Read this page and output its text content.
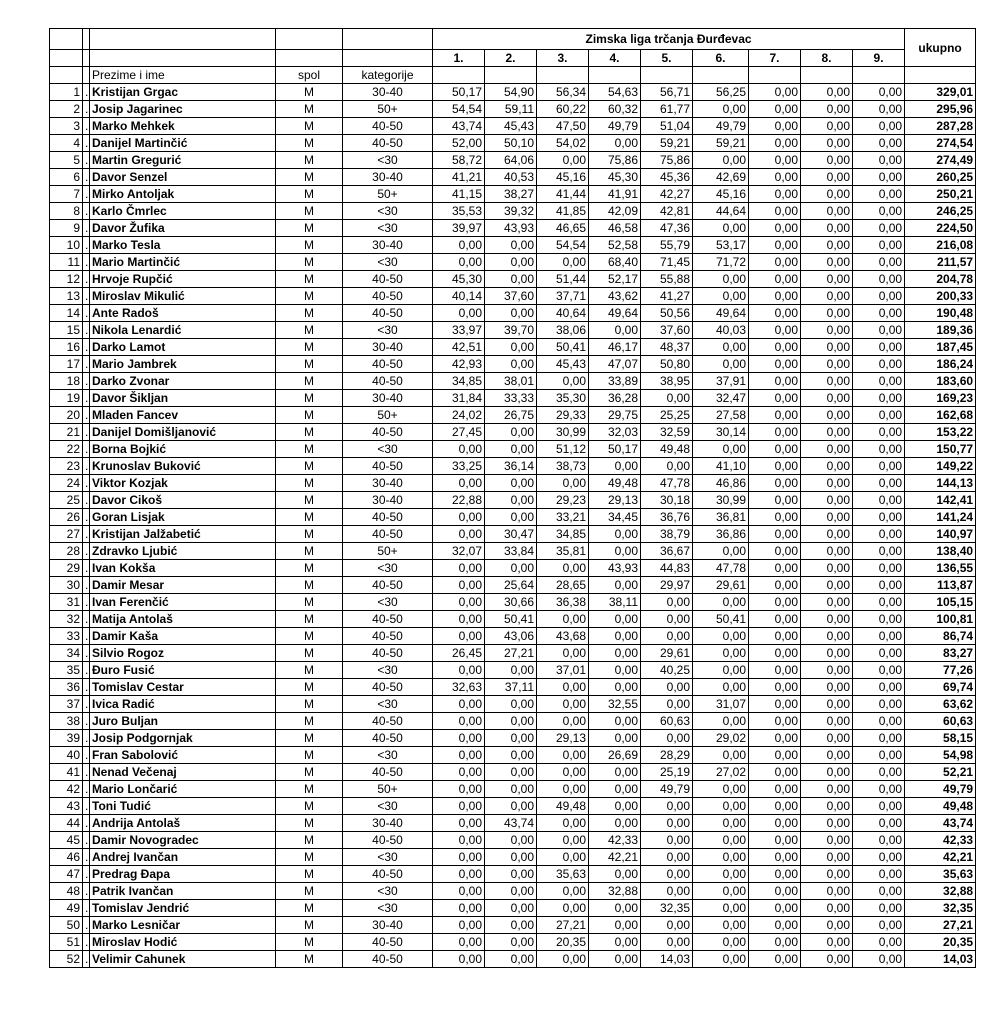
					Zimska liga trčanja Đurđevac									ukupno
					1.	2.	3.	4.	5.	6.	7.	8.	9.	
		Prezime i ime	spol	kategorije										
1	.	Kristijan Grgac	M	30-40	50,17	54,90	56,34	54,63	56,71	56,25	0,00	0,00	0,00	329,01
2	.	Josip Jagarinec	M	50+	54,54	59,11	60,22	60,32	61,77	0,00	0,00	0,00	0,00	295,96
3	.	Marko Mehkek	M	40-50	43,74	45,43	47,50	49,79	51,04	49,79	0,00	0,00	0,00	287,28
4	.	Danijel Martinčić	M	40-50	52,00	50,10	54,02	0,00	59,21	59,21	0,00	0,00	0,00	274,54
5	.	Martin Gregurić	M	<30	58,72	64,06	0,00	75,86	75,86	0,00	0,00	0,00	0,00	274,49
6	.	Davor Senzel	M	30-40	41,21	40,53	45,16	45,30	45,36	42,69	0,00	0,00	0,00	260,25
7	.	Mirko Antoljak	M	50+	41,15	38,27	41,44	41,91	42,27	45,16	0,00	0,00	0,00	250,21
8	.	Karlo Čmrlec	M	<30	35,53	39,32	41,85	42,09	42,81	44,64	0,00	0,00	0,00	246,25
9	.	Davor Žufika	M	<30	39,97	43,93	46,65	46,58	47,36	0,00	0,00	0,00	0,00	224,50
10	.	Marko Tesla	M	30-40	0,00	0,00	54,54	52,58	55,79	53,17	0,00	0,00	0,00	216,08
11	.	Mario Martinčić	M	<30	0,00	0,00	0,00	68,40	71,45	71,72	0,00	0,00	0,00	211,57
12	.	Hrvoje Rupčić	M	40-50	45,30	0,00	51,44	52,17	55,88	0,00	0,00	0,00	0,00	204,78
13	.	Miroslav Mikulić	M	40-50	40,14	37,60	37,71	43,62	41,27	0,00	0,00	0,00	0,00	200,33
14	.	Ante Radoš	M	40-50	0,00	0,00	40,64	49,64	50,56	49,64	0,00	0,00	0,00	190,48
15	.	Nikola Lenardić	M	<30	33,97	39,70	38,06	0,00	37,60	40,03	0,00	0,00	0,00	189,36
16	.	Darko Lamot	M	30-40	42,51	0,00	50,41	46,17	48,37	0,00	0,00	0,00	0,00	187,45
17	.	Mario Jambrek	M	40-50	42,93	0,00	45,43	47,07	50,80	0,00	0,00	0,00	0,00	186,24
18	.	Darko Zvonar	M	40-50	34,85	38,01	0,00	33,89	38,95	37,91	0,00	0,00	0,00	183,60
19	.	Davor Šikljan	M	30-40	31,84	33,33	35,30	36,28	0,00	32,47	0,00	0,00	0,00	169,23
20	.	Mladen Fancev	M	50+	24,02	26,75	29,33	29,75	25,25	27,58	0,00	0,00	0,00	162,68
21	.	Danijel Domišljanović	M	40-50	27,45	0,00	30,99	32,03	32,59	30,14	0,00	0,00	0,00	153,22
22	.	Borna Bojkić	M	<30	0,00	0,00	51,12	50,17	49,48	0,00	0,00	0,00	0,00	150,77
23	.	Krunoslav Buković	M	40-50	33,25	36,14	38,73	0,00	0,00	41,10	0,00	0,00	0,00	149,22
24	.	Viktor Kozjak	M	30-40	0,00	0,00	0,00	49,48	47,78	46,86	0,00	0,00	0,00	144,13
25	.	Davor Cikoš	M	30-40	22,88	0,00	29,23	29,13	30,18	30,99	0,00	0,00	0,00	142,41
26	.	Goran Lisjak	M	40-50	0,00	0,00	33,21	34,45	36,76	36,81	0,00	0,00	0,00	141,24
27	.	Kristijan Jalžabetić	M	40-50	0,00	30,47	34,85	0,00	38,79	36,86	0,00	0,00	0,00	140,97
28	.	Zdravko Ljubić	M	50+	32,07	33,84	35,81	0,00	36,67	0,00	0,00	0,00	0,00	138,40
29	.	Ivan Kokša	M	<30	0,00	0,00	0,00	43,93	44,83	47,78	0,00	0,00	0,00	136,55
30	.	Damir Mesar	M	40-50	0,00	25,64	28,65	0,00	29,97	29,61	0,00	0,00	0,00	113,87
31	.	Ivan Ferenčić	M	<30	0,00	30,66	36,38	38,11	0,00	0,00	0,00	0,00	0,00	105,15
32	.	Matija Antolaš	M	40-50	0,00	50,41	0,00	0,00	0,00	50,41	0,00	0,00	0,00	100,81
33	.	Damir Kaša	M	40-50	0,00	43,06	43,68	0,00	0,00	0,00	0,00	0,00	0,00	86,74
34	.	Silvio Rogoz	M	40-50	26,45	27,21	0,00	0,00	29,61	0,00	0,00	0,00	0,00	83,27
35	.	Đuro Fusić	M	<30	0,00	0,00	37,01	0,00	40,25	0,00	0,00	0,00	0,00	77,26
36	.	Tomislav Cestar	M	40-50	32,63	37,11	0,00	0,00	0,00	0,00	0,00	0,00	0,00	69,74
37	.	Ivica Radić	M	<30	0,00	0,00	0,00	32,55	0,00	31,07	0,00	0,00	0,00	63,62
38	.	Juro Buljan	M	40-50	0,00	0,00	0,00	0,00	60,63	0,00	0,00	0,00	0,00	60,63
39	.	Josip Podgornjak	M	40-50	0,00	0,00	29,13	0,00	0,00	29,02	0,00	0,00	0,00	58,15
40	.	Fran Sabolović	M	<30	0,00	0,00	0,00	26,69	28,29	0,00	0,00	0,00	0,00	54,98
41	.	Nenad Večenaj	M	40-50	0,00	0,00	0,00	0,00	25,19	27,02	0,00	0,00	0,00	52,21
42	.	Mario Lončarić	M	50+	0,00	0,00	0,00	0,00	49,79	0,00	0,00	0,00	0,00	49,79
43	.	Toni Tudić	M	<30	0,00	0,00	49,48	0,00	0,00	0,00	0,00	0,00	0,00	49,48
44	.	Andrija Antolaš	M	30-40	0,00	43,74	0,00	0,00	0,00	0,00	0,00	0,00	0,00	43,74
45	.	Damir Novogradec	M	40-50	0,00	0,00	0,00	42,33	0,00	0,00	0,00	0,00	0,00	42,33
46	.	Andrej Ivančan	M	<30	0,00	0,00	0,00	42,21	0,00	0,00	0,00	0,00	0,00	42,21
47	.	Predrag Đapa	M	40-50	0,00	0,00	35,63	0,00	0,00	0,00	0,00	0,00	0,00	35,63
48	.	Patrik Ivančan	M	<30	0,00	0,00	0,00	32,88	0,00	0,00	0,00	0,00	0,00	32,88
49	.	Tomislav Jendrić	M	<30	0,00	0,00	0,00	0,00	32,35	0,00	0,00	0,00	0,00	32,35
50	.	Marko Lesničar	M	30-40	0,00	0,00	27,21	0,00	0,00	0,00	0,00	0,00	0,00	27,21
51	.	Miroslav Hodić	M	40-50	0,00	0,00	20,35	0,00	0,00	0,00	0,00	0,00	0,00	20,35
52	.	Velimir Cahunek	M	40-50	0,00	0,00	0,00	0,00	14,03	0,00	0,00	0,00	0,00	14,03
